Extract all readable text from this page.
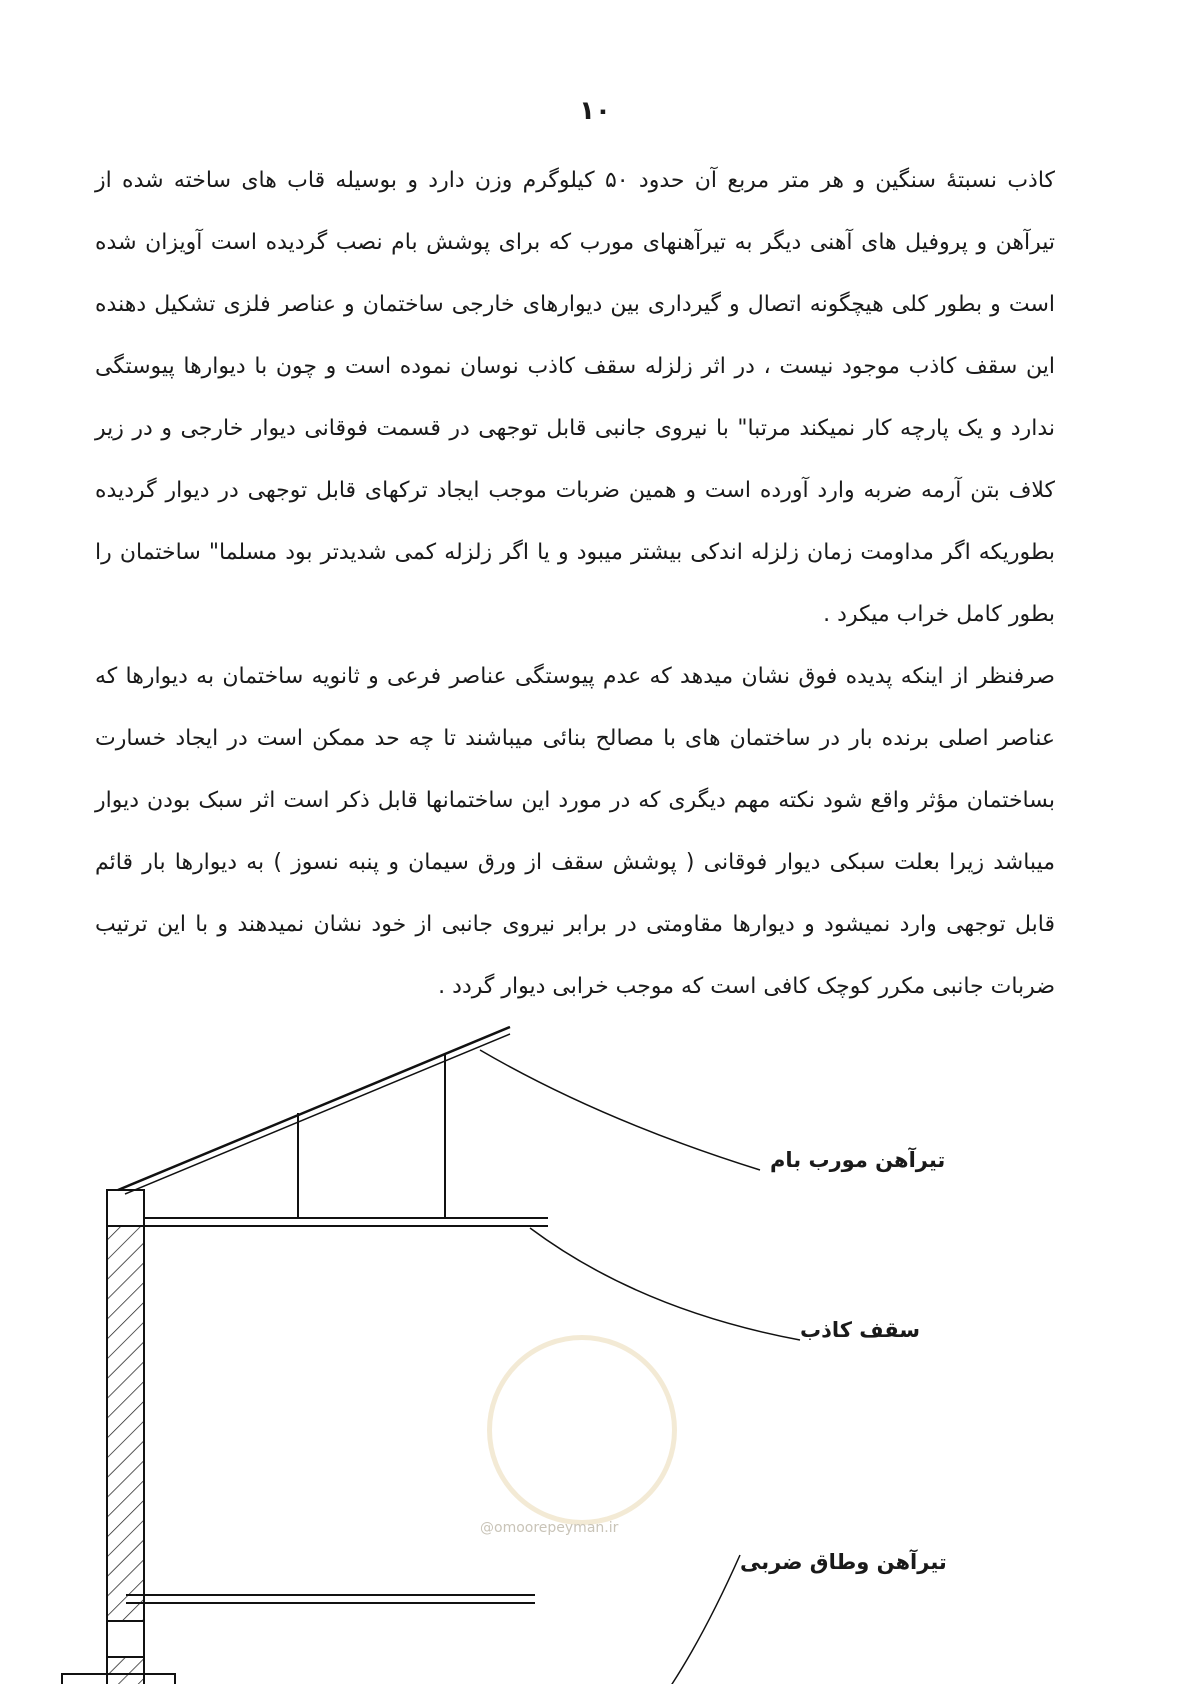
۱۰

کاذب نسبتهٔ سنگین و هر متر مربع آن حدود ۵۰ کیلوگرم وزن دارد و بوسیله قاب های ساخته شده از تیرآهن و پروفیل های آهنی دیگر به تیرآهنهای مورب که برای پوشش بام نصب گردیده است آویزان شده است و بطور کلی هیچگونه اتصال و گیرداری بین دیوارهای خارجی ساختمان و عناصر فلزی تشکیل دهنده این سقف کاذب موجود نیست ، در اثر زلزله سقف کاذب نوسان نموده است و چون با دیوارها پیوستگی ندارد و یک پارچه کار نمیکند مرتبا" با نیروی جانبی قابل توجهی در قسمت فوقانی دیوار خارجی و در زیر کلاف بتن آرمه ضربه وارد آورده است و همین ضربات موجب ایجاد ترکهای قابل توجهی در دیوار گردیده بطوریکه اگر مداومت زمان زلزله اندکی بیشتر میبود و یا اگر زلزله کمی شدیدتر بود مسلما" ساختمان را بطور کامل خراب میکرد .

صرفنظر از اینکه پدیده فوق نشان میدهد که عدم پیوستگی عناصر فرعی و ثانویه ساختمان به دیوارها که عناصر اصلی برنده بار در ساختمان های با مصالح بنائی میباشند تا چه حد ممکن است در ایجاد خسارت بساختمان مؤثر واقع شود نکته مهم دیگری که در مورد این ساختمانها قابل ذکر است اثر سبک بودن دیوار میباشد زیرا بعلت سبکی دیوار فوقانی ( پوشش سقف از ورق سیمان و پنبه نسوز ) به دیوارها بار قائم قابل توجهی وارد نمیشود و دیوارها مقاومتی در برابر نیروی جانبی از خود نشان نمیدهند و با این ترتیب ضربات جانبی مکرر کوچک کافی است که موجب خرابی دیوار گردد .

تیرآهن مورب بام
سقف کاذب
تیرآهن وطاق ضربی
@omoorepeyman.ir
